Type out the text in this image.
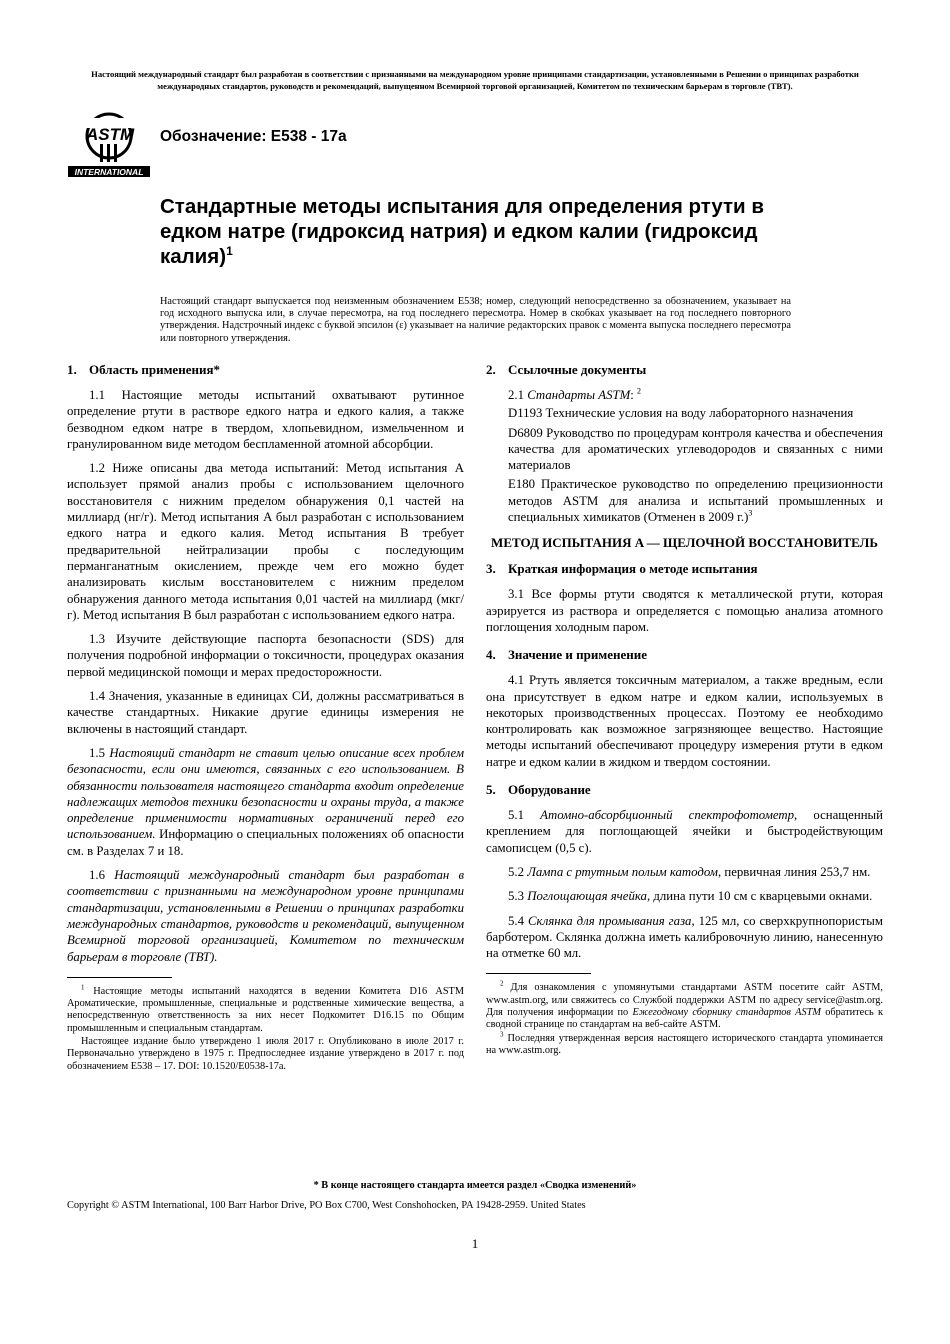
Настоящий международный стандарт был разработан в соответствии с признанными на международном уровне принципами стандартизации, установленными в Решении о принципах разработки международных стандартов, руководств и рекомендаций, выпущенном Всемирной торговой организацией, Комитетом по техническим барьерам в торговле (ТВТ).
ASTM
INTERNATIONAL
Обозначение: E538 - 17a
Стандартные методы испытания для определения ртути в едком натре (гидроксид натрия) и едком калии (гидроксид калия)$^1$
Настоящий стандарт выпускается под неизменным обозначением E538; номер, следующий непосредственно за обозначением, указывает на год исходного выпуска или, в случае пересмотра, на год последнего пересмотра. Номер в скобках указывает на год последнего повторного утверждения. Надстрочный индекс с буквой эпсилон (ε) указывает на наличие редакторских правок с момента выпуска последнего пересмотра или повторного утверждения.
1. Область применения*

1.1 Настоящие методы испытаний охватывают рутинное определение ртути в растворе едкого натра и едкого калия, а также безводном едком натре в твердом, хлопьевидном, измельченном и гранулированном виде методом беспламенной атомной абсорбции.

1.2 Ниже описаны два метода испытаний: Метод испытания A использует прямой анализ пробы с использованием щелочного восстановителя с нижним пределом обнаружения 0,1 частей на миллиард (нг/г). Метод испытания A был разработан с использованием едкого натра и едкого калия. Метод испытания B требует предварительной нейтрализации пробы с последующим перманганатным окислением, прежде чем его можно будет анализировать кислым восстановителем с нижним пределом обнаружения данного метода испытания 0,01 частей на миллиард (мкг/г). Метод испытания B был разработан с использованием едкого натра.

1.3 Изучите действующие паспорта безопасности (SDS) для получения подробной информации о токсичности, процедурах оказания первой медицинской помощи и мерах предосторожности.

1.4 Значения, указанные в единицах СИ, должны рассматриваться в качестве стандартных. Никакие другие единицы измерения не включены в настоящий стандарт.

1.5 Настоящий стандарт не ставит целью описание всех проблем безопасности, если они имеются, связанных с его использованием. В обязанности пользователя настоящего стандарта входит определение надлежащих методов техники безопасности и охраны труда, а также определение применимости нормативных ограничений перед его использованием. Информацию о специальных положениях об опасности см. в Разделах 7 и 18.

1.6 Настоящий международный стандарт был разработан в соответствии с признанными на международном уровне принципами стандартизации, установленными в Решении о принципах разработки международных стандартов, руководств и рекомендаций, выпущенном Всемирной торговой организацией, Комитетом по техническим барьерам в торговле (ТВТ).

$^1$ Настоящие методы испытаний находятся в ведении Комитета D16 ASTM Ароматические, промышленные, специальные и родственные химические вещества, а непосредственную ответственность за них несет Подкомитет D16.15 по Общим промышленным и специальным стандартам.

Настоящее издание было утверждено 1 июля 2017 г. Опубликовано в июле 2017 г. Первоначально утверждено в 1975 г. Предпоследнее издание утверждено в 2017 г. под обозначением E538 – 17. DOI: 10.1520/E0538-17a.

2. Ссылочные документы
2.1 Стандарты ASTM: $^2$
D1193 Технические условия на воду лабораторного назначения
D6809 Руководство по процедурам контроля качества и обеспечения качества для ароматических углеводородов и связанных с ними материалов
E180 Практическое руководство по определению прецизионности методов ASTM для анализа и испытаний промышленных и специальных химикатов (Отменен в 2009 г.)$^3$
МЕТОД ИСПЫТАНИЯ A — ЩЕЛОЧНОЙ ВОССТАНОВИТЕЛЬ
3. Краткая информация о методе испытания

3.1 Все формы ртути сводятся к металлической ртути, которая аэрируется из раствора и определяется с помощью анализа атомного поглощения холодным паром.

4. Значение и применение

4.1 Ртуть является токсичным материалом, а также вредным, если она присутствует в едком натре и едком калии, используемых в некоторых производственных процессах. Поэтому ее необходимо контролировать как возможное загрязняющее вещество. Настоящие методы испытаний обеспечивают процедуру измерения ртути в едком натре и едком калии в жидком и твердом состоянии.

5. Оборудование

5.1 Атомно-абсорбционный спектрофотометр, оснащенный креплением для поглощающей ячейки и быстродействующим самописцем (0,5 с).

5.2 Лампа с ртутным полым катодом, первичная линия 253,7 нм.

5.3 Поглощающая ячейка, длина пути 10 см с кварцевыми окнами.

5.4 Склянка для промывания газа, 125 мл, со сверхкрупнопористым барботером. Склянка должна иметь калибровочную линию, нанесенную на отметке 60 мл.

$^2$ Для ознакомления с упомянутыми стандартами ASTM посетите сайт ASTM, www.astm.org, или свяжитесь со Службой поддержки ASTM по адресу service@astm.org. Для получения информации по Ежегодному сборнику стандартов ASTM обратитесь к сводной странице по стандартам на веб-сайте ASTM.

$^3$ Последняя утвержденная версия настоящего исторического стандарта упоминается на www.astm.org.

* В конце настоящего стандарта имеется раздел «Сводка изменений»
Copyright © ASTM International, 100 Barr Harbor Drive, PO Box C700, West Conshohocken, PA 19428-2959. United States
1
